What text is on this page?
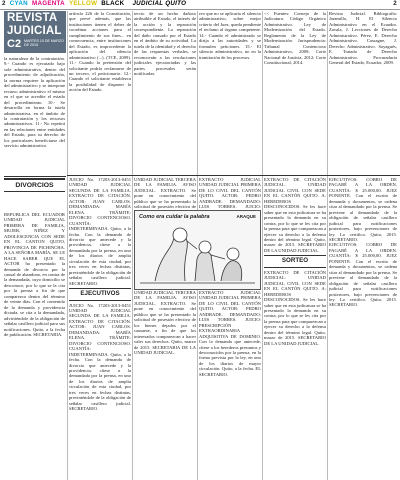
2 CYAN MAGENTA YELLOW BLACK JUDICIAL QUITO	2
REVISTA
JUDICIAL
C2 MARTES 10 DE MARZO DE 2015

la naturaleza de la contratación. 9.- Cuando es ejecutado bajo sole administrativa, dentro del procedimiento de adjudicación, la norma requiere la aplicación del administrativo y se interpone recurso administrativo el mismo en el que se acredite el estado del procedimiento. 10.- Se desarrolla en forma la tutela administrativa, en el ámbito de la contratación y los recursos administrativos. 11.- No repetirá en las relaciones entre entidades del Estado, para su derecho de los particulares beneficiarse del servicio administrativo.

DIVORCIOS

REPUBLICA DEL ECUADOR UNIDAD JUDICIAL PRIMERA DE FAMILIA, MUJER, NIÑEZ Y ADOLESCENCIA CON SEDE EN EL CANTON QUITO, PROVINCIA DE PICHINCHA. A LA SEÑORA MARÍA, SE LE HACE SABER QUE EL ACTOR ha presentado la demanda de divorcio por la causal de abandono, en contra de la demandada, cuyo domicilio se desconoce, por lo que se la cita por la prensa a fin de que comparezca dentro del término de veinte días. Con el contenido de la demanda y providencia dictada, se cita a la demandada, advirtiéndole de la obligación de señalar casillero judicial para sus notificaciones. Quito, a la fecha de publicación. SECRETARIA.

artículo 226 de la Constitución, que prevé además, que las instituciones tienen el deber de coordinar acciones para el cumplimiento de sus fines... en consecuencia, entre instituciones del Estado, es improcedente la aplicación del silencio administrativo (...). (TCE, 2009). 11.- Cuando la pretensión del solicitante podría reclamarse de un tercero, el peticionario. 12.- Cuando el solicitante establezca la posibilidad de disponer la acción del Estado.

tercio de un hecho dañoso atribuible al Estado, el interés de la acción y la reparación correspondiente. La reparación del daño causado por el Estado en el ámbito de su actividad. La tutela de la identidad y el derecho de las respuestas verbales, se reconocerán a las resoluciones judiciales ejecutoriadas y las partes procesales serán notificadas.

reo que no se aplicaría el silencio administrativo, sobre mejor criterio del Juez, queda pendiente el reclamo al órgano competente. 14.- Cuando el administrado se dirija a las autoridades y se formulen peticiones. 15.- El silencio administrativo, no en la tramitación de los procesos.

<< Fuentes: Consejo de la Judicatura. Código Orgánico Administrativo. Ley de Modernización del Estado. Reglamento de la Ley de Modernización. Jurisprudencia: Tribunal Contencioso Administrativo, 2009; Corte Nacional de Justicia, 2012; Corte Constitucional, 2014.

Revista Judicial. Bibliografía: Jaramillo, H. El Silencio Administrativo en el Ecuador. Zavala, J. Lecciones de Derecho Administrativo. Pérez, E. Derecho Administrativo. Cassagne, J. Derecho Administrativo. Sayagués, E. Tratado de Derecho Administrativo. Procuraduría General del Estado, Ecuador, 2009.

JUICIO No. 17203-2013-0451 UNIDAD JUDICIAL SEGUNDA DE LA FAMILIA. EXTRACTO DE CITACIÓN. ACTOR: JUAN CARLOS. DEMANDADA: MARÍA ELENA. TRÁMITE: DIVORCIO CONTENCIOSO. CUANTÍA: INDETERMINADA. Quito, a la fecha. Con la demanda de divorcio que antecede y la providencia, cítese a la demandada por la prensa, en uno de los diarios de amplia circulación de esta ciudad, por tres veces en fechas distintas, previniéndole de la obligación de señalar casillero judicial. SECRETARIO.

EJECUTIVOS

JUICIO No. 17203-2013-0451 UNIDAD JUDICIAL SEGUNDA DE LA FAMILIA. EXTRACTO DE CITACIÓN. ACTOR: JUAN CARLOS. DEMANDADA: MARÍA ELENA. TRÁMITE: DIVORCIO CONTENCIOSO. CUANTÍA: INDETERMINADA. Quito, a la fecha. Con la demanda de divorcio que antecede y la providencia, cítese a la demandada por la prensa, en uno de los diarios de amplia circulación de esta ciudad, por tres veces en fechas distintas, previniéndole de la obligación de señalar casillero judicial. SECRETARIO.

UNIDAD JUDICIAL TERCERA DE LA FAMILIA. AVISO JUDICIAL. EXTRACTO. Se pone en conocimiento del público que se ha presentado la solicitud de posesión efectiva de

UNIDAD JUDICIAL TERCERA DE LA FAMILIA. AVISO JUDICIAL. EXTRACTO. Se pone en conocimiento del público que se ha presentado la solicitud de posesión efectiva de los bienes dejados por el causante, a fin de que los interesados comparezcan a hacer valer sus derechos. Quito, marzo de 2015. SECRETARIA DE LA UNIDAD JUDICIAL.

EXTRACTO JUDICIAL UNIDAD JUDICIAL PRIMERA DE LO CIVIL DEL CANTÓN QUITO. ACTOR: PEDRO ANDRADE. DEMANDADO: LUIS TORRES. JUICIO:

EXTRACTO JUDICIAL UNIDAD JUDICIAL PRIMERA DE LO CIVIL DEL CANTÓN QUITO. ACTOR: PEDRO ANDRADE. DEMANDADO: LUIS TORRES. JUICIO: PRESCRIPCIÓN EXTRAORDINARIA ADQUISITIVA DE DOMINIO. Con la demanda que antecede, cítese a los herederos presuntos y desconocidos por la prensa, en la forma prevista por la ley, en uno de los diarios de mayor circulación. Quito, a la fecha. EL SECRETARIO.

EXTRACTO DE CITACIÓN JUDICIAL. UNIDAD JUDICIAL CIVIL CON SEDE EN EL CANTÓN QUITO. A: HEREDEROS DESCONOCIDOS. Se les hace saber que en esta judicatura se ha presentado la demanda en su contra, por lo que se les cita por la prensa para que comparezcan a ejercer su derecho a la defensa dentro del término legal. Quito, marzo de 2015. SECRETARIO DE LA UNIDAD JUDICIAL.

SORTEO

EXTRACTO DE CITACIÓN JUDICIAL. UNIDAD JUDICIAL CIVIL CON SEDE EN EL CANTÓN QUITO. A: HEREDEROS DESCONOCIDOS. Se les hace saber que en esta judicatura se ha presentado la demanda en su contra, por lo que se les cita por la prensa para que comparezcan a ejercer su derecho a la defensa dentro del término legal. Quito, marzo de 2015. SECRETARIO DE LA UNIDAD JUDICIAL.

EJECUTIVOS: COBRO DE PAGARÉ A LA ORDEN. CUANTÍA: $ 25.000,00. JUEZ PONENTE. Con el escrito de demanda y documentos, se ordena citar al demandado por la prensa. Se previene al demandado de la obligación de señalar casillero judicial para notificaciones posteriores, bajo prevenciones de ley. Lo certifico. Quito, 2015. SECRETARIO.

EJECUTIVOS: COBRO DE PAGARÉ A LA ORDEN. CUANTÍA: $ 25.000,00. JUEZ PONENTE. Con el escrito de demanda y documentos, se ordena citar al demandado por la prensa. Se previene al demandado de la obligación de señalar casillero judicial para notificaciones posteriores, bajo prevenciones de ley. Lo certifico. Quito, 2015. SECRETARIO.

Como era cuidar la palabra	ARAQUE
